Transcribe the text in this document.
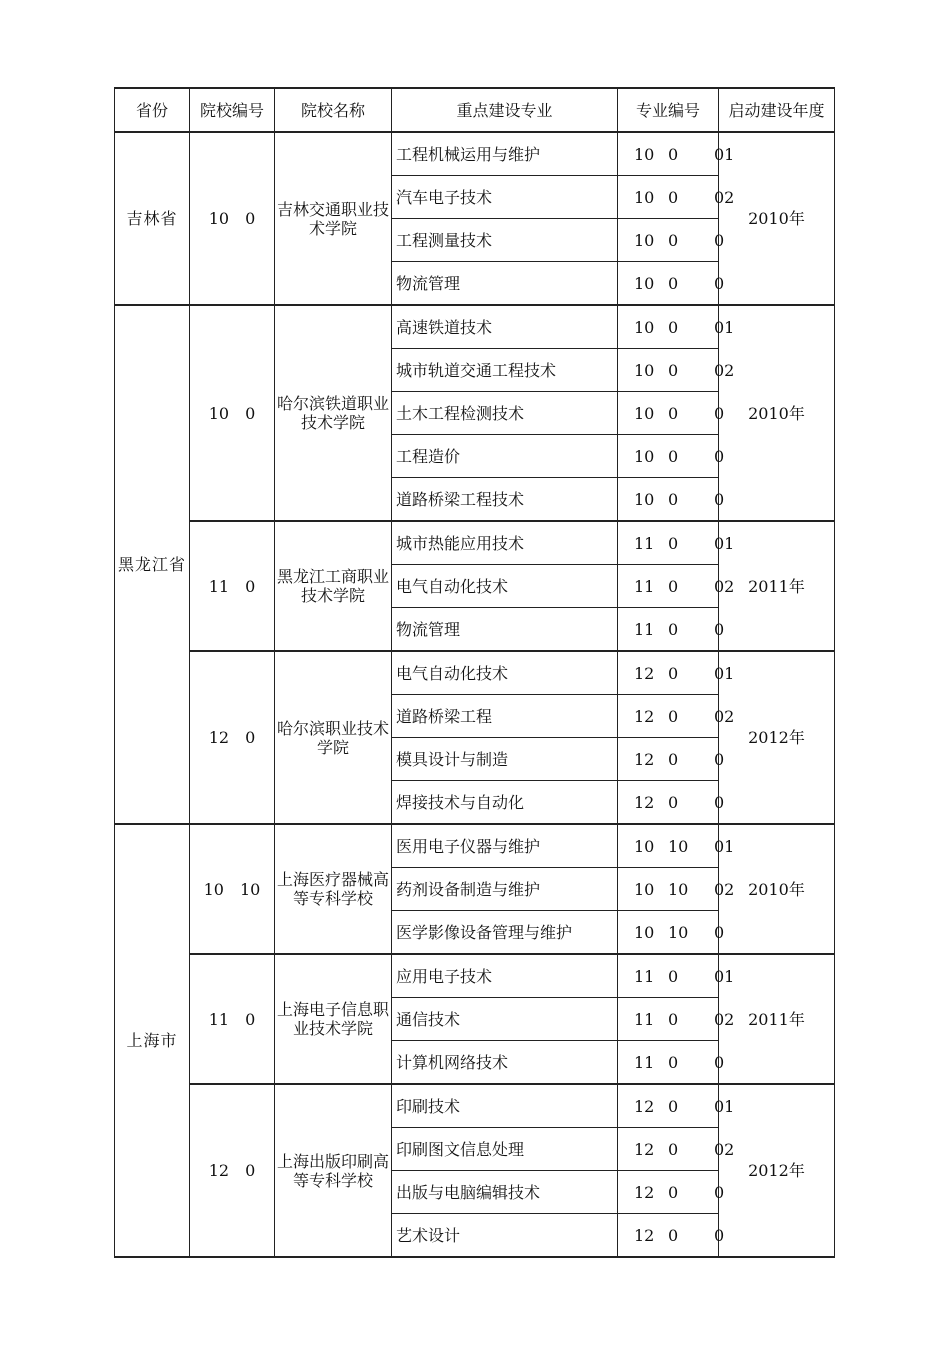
省份	院校编号	院校名称	重点建设专业	专业编号	启动建设年度
吉林省	10　0	吉林交通职业技术学院	工程机械运用与维护	10 0 01	2010年
			汽车电子技术	10 0 02	

			工程测量技术	10 0 0	

			物流管理	10 0 0	

黑龙江省	10　0	哈尔滨铁道职业技术学院	高速铁道技术	10 0 01	2010年
			城市轨道交通工程技术	10 0 02	

			土木工程检测技术	10 0 0	

			工程造价	10 0 0	

			道路桥梁工程技术	10 0 0	

	11　0	黑龙江工商职业技术学院	城市热能应用技术	11 0 01	2011年
			电气自动化技术	11 0 02	

			物流管理	11 0 0	

	12　0	哈尔滨职业技术学院	电气自动化技术	12 0 01	2012年
			道路桥梁工程	12 0 02	

			模具设计与制造	12 0 0	

			焊接技术与自动化	12 0 0	

上海市	10　10	上海医疗器械高等专科学校	医用电子仪器与维护	10 10 01	2010年
			药剂设备制造与维护	10 10 02	

			医学影像设备管理与维护	10 10 0	

	11　0	上海电子信息职业技术学院	应用电子技术	11 0 01	2011年
			通信技术	11 0 02	

			计算机网络技术	11 0 0	

	12　0	上海出版印刷高等专科学校	印刷技术	12 0 01	2012年
			印刷图文信息处理	12 0 02	

			出版与电脑编辑技术	12 0 0	

			艺术设计	12 0 0	
